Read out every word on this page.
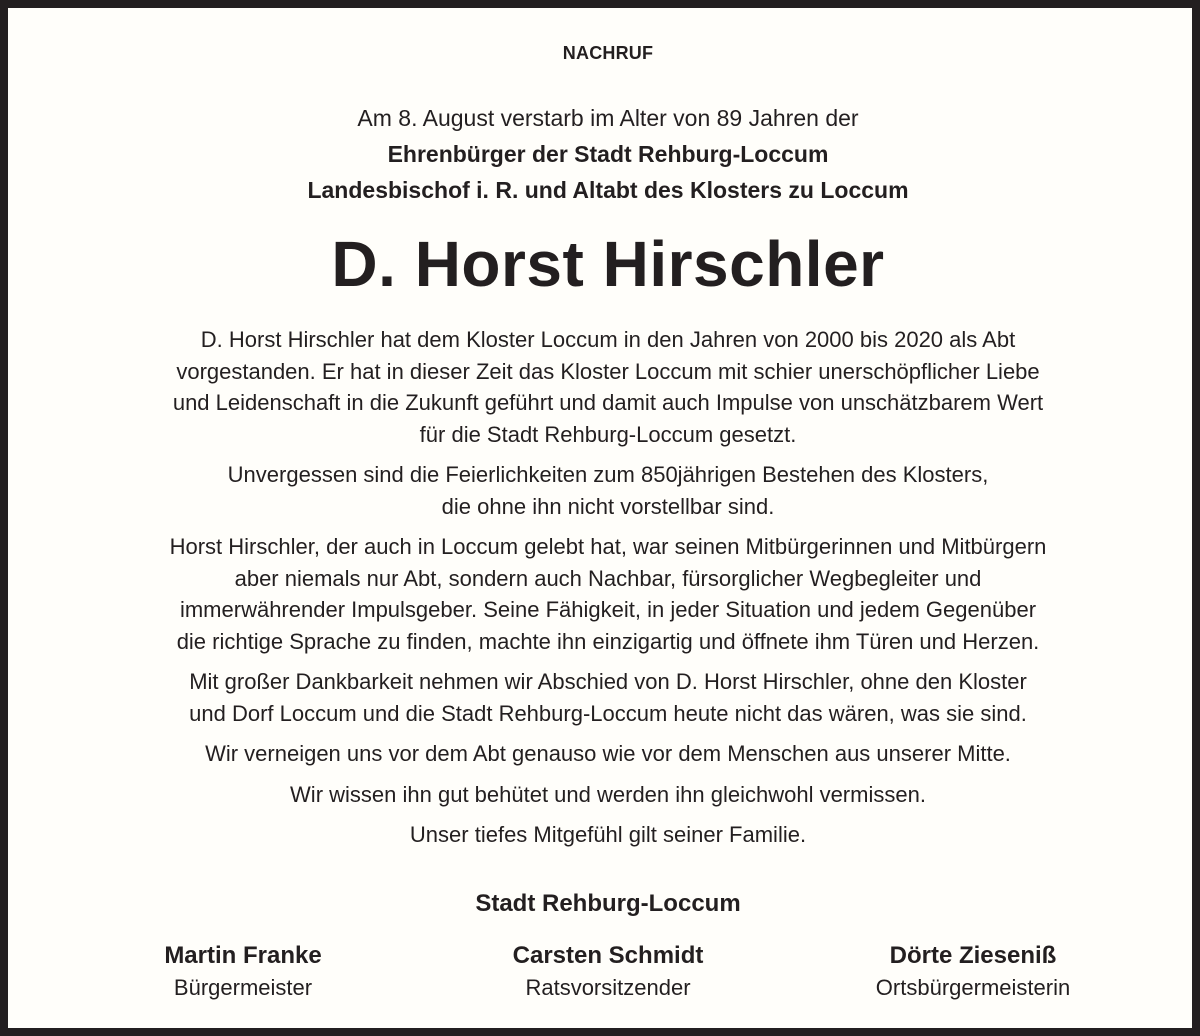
NACHRUF
Am 8. August verstarb im Alter von 89 Jahren der
Ehrenbürger der Stadt Rehburg-Loccum
Landesbischof i. R. und Altabt des Klosters zu Loccum
D. Horst Hirschler

D. Horst Hirschler hat dem Kloster Loccum in den Jahren von 2000 bis 2020 als Abt
vorgestanden. Er hat in dieser Zeit das Kloster Loccum mit schier unerschöpflicher Liebe
und Leidenschaft in die Zukunft geführt und damit auch Impulse von unschätzbarem Wert
für die Stadt Rehburg-Loccum gesetzt.

Unvergessen sind die Feierlichkeiten zum 850jährigen Bestehen des Klosters,
die ohne ihn nicht vorstellbar sind.

Horst Hirschler, der auch in Loccum gelebt hat, war seinen Mitbürgerinnen und Mitbürgern
aber niemals nur Abt, sondern auch Nachbar, fürsorglicher Wegbegleiter und
immerwährender Impulsgeber. Seine Fähigkeit, in jeder Situation und jedem Gegenüber
die richtige Sprache zu finden, machte ihn einzigartig und öffnete ihm Türen und Herzen.

Mit großer Dankbarkeit nehmen wir Abschied von D. Horst Hirschler, ohne den Kloster
und Dorf Loccum und die Stadt Rehburg-Loccum heute nicht das wären, was sie sind.

Wir verneigen uns vor dem Abt genauso wie vor dem Menschen aus unserer Mitte.

Wir wissen ihn gut behütet und werden ihn gleichwohl vermissen.

Unser tiefes Mitgefühl gilt seiner Familie.

Stadt Rehburg-Loccum
Martin Franke
Bürgermeister
Carsten Schmidt
Ratsvorsitzender
Dörte Ziesenіß
Ortsbürgermeisterin
